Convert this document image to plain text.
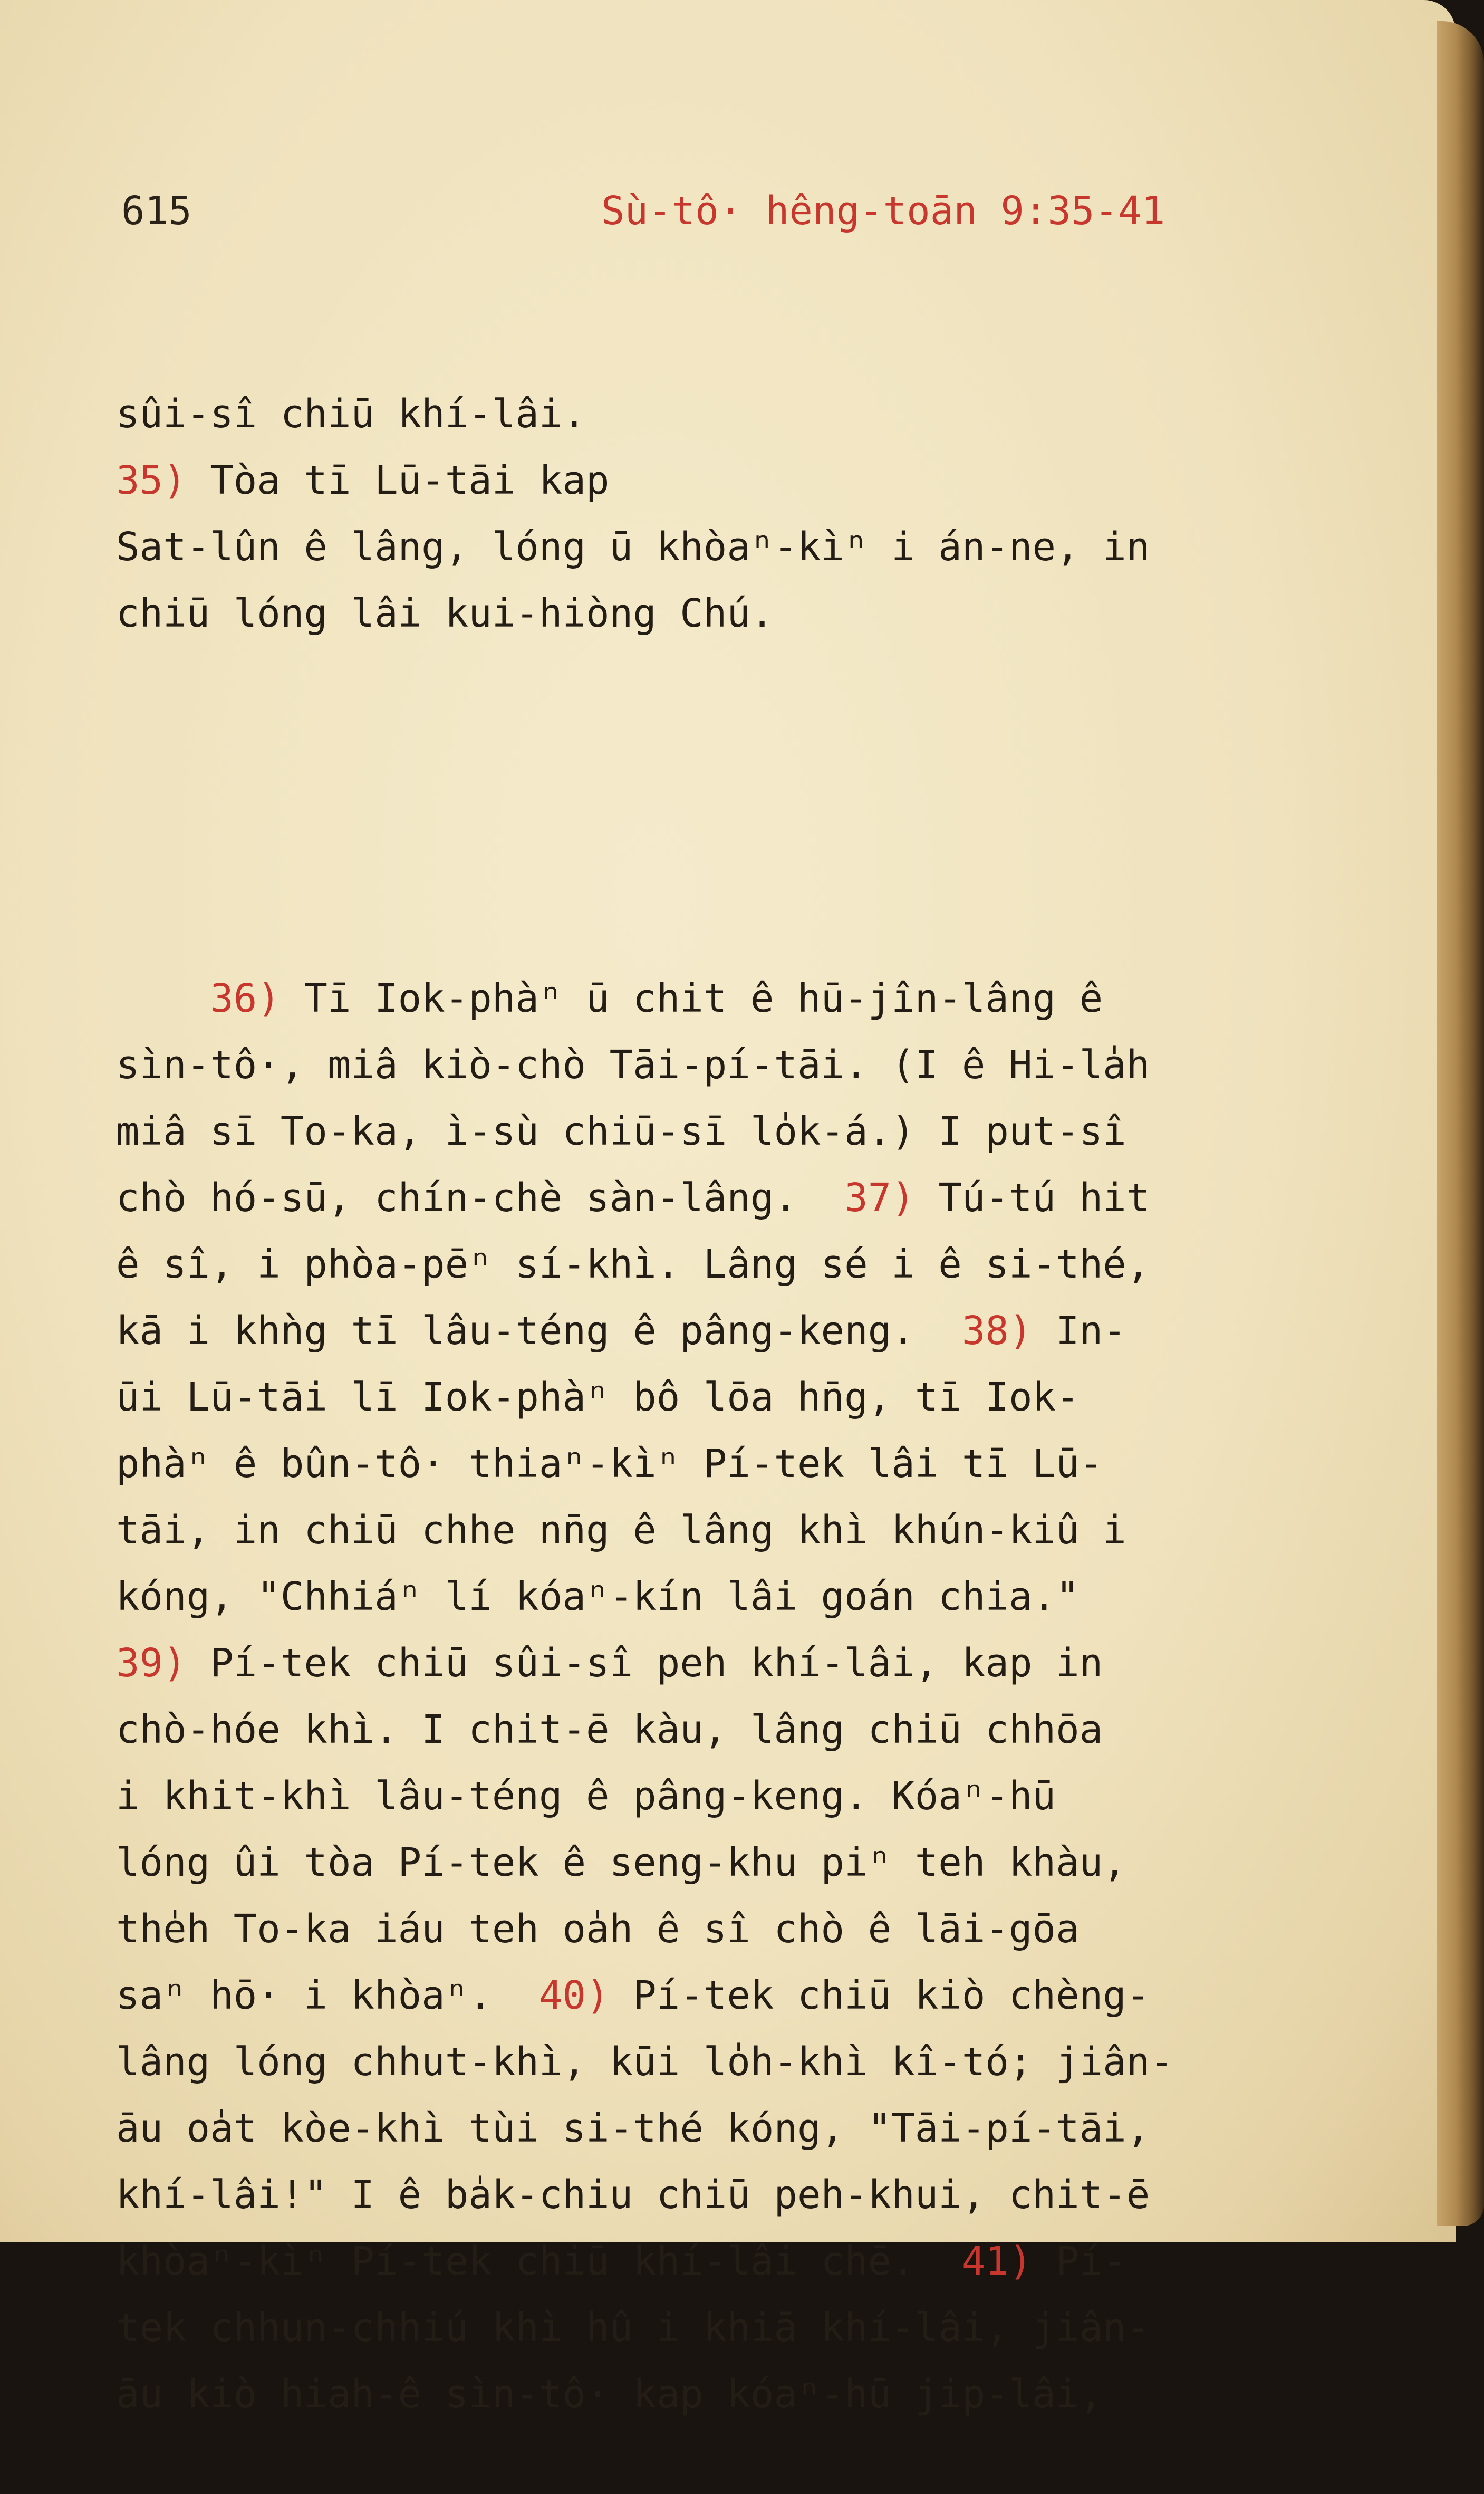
615	Sù-tô· hêng-toān 9:35-41

sûi-sî chiū khí-lâi.
35) Tòa tī Lū-tāi kap
Sat-lûn ê lâng, lóng ū khòaⁿ-kìⁿ i án-ne, in
chiū lóng lâi kui-hiòng Chú.

36) Tī Iok-phàⁿ ū chit ê hū-jîn-lâng ê
sìn-tô·, miâ kiò-chò Tāi-pí-tāi. (I ê Hi-la̍h
miâ sī To-ka, ì-sù chiū-sī lo̍k-á.) I put-sî
chò hó-sū, chín-chè sàn-lâng.  37) Tú-tú hit
ê sî, i phòa-pēⁿ sí-khì. Lâng sé i ê si-thé,
kā i khǹg tī lâu-téng ê pâng-keng.  38) In-
ūi Lū-tāi lī Iok-phàⁿ bô lōa hn̄g, tī Iok-
phàⁿ ê bûn-tô· thiaⁿ-kìⁿ Pí-tek lâi tī Lū-
tāi, in chiū chhe nn̄g ê lâng khì khún-kiû i
kóng, "Chhiáⁿ lí kóaⁿ-kín lâi goán chia."
39) Pí-tek chiū sûi-sî peh khí-lâi, kap in
chò-hóe khì. I chit-ē kàu, lâng chiū chhōa
i khit-khì lâu-téng ê pâng-keng. Kóaⁿ-hū
lóng ûi tòa Pí-tek ê seng-khu piⁿ teh khàu,
the̍h To-ka iáu teh oa̍h ê sî chò ê lāi-gōa
saⁿ hō· i khòaⁿ.  40) Pí-tek chiū kiò chèng-
lâng lóng chhut-khì, kūi lo̍h-khì kî-tó; jiân-
āu oa̍t kòe-khì tùi si-thé kóng, "Tāi-pí-tāi,
khí-lâi!" I ê ba̍k-chiu chiū peh-khui, chit-ē
khòaⁿ-kìⁿ Pí-tek chiū khí-lâi chē.  41) Pí-
tek chhun-chhiú khì hû i khiā khí-lâi, jiân-
āu kiò hiah-ê sìn-tô· kap kóaⁿ-hū jip-lâi,
